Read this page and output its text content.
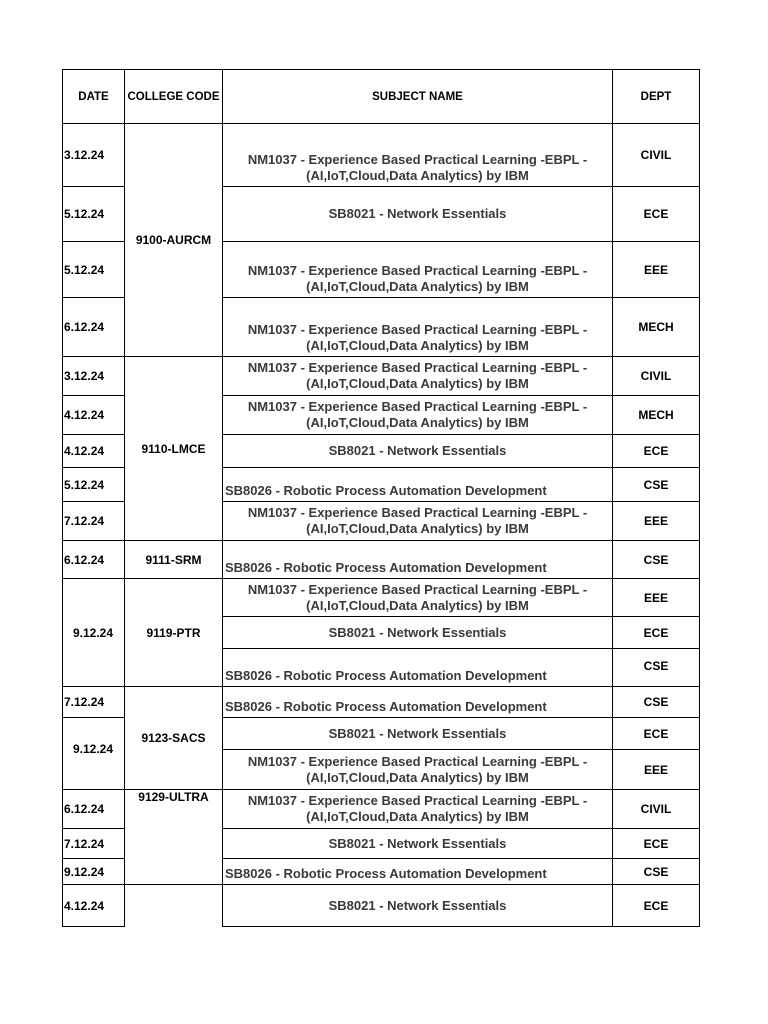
DATE	COLLEGE CODE	SUBJECT NAME	DEPT
3.12.24	9100-AURCM	NM1037 - Experience Based Practical Learning -EBPL -
(AI,IoT,Cloud,Data Analytics) by IBM	CIVIL
5.12.24		SB8021 - Network Essentials	ECE
5.12.24		NM1037 - Experience Based Practical Learning -EBPL -
(AI,IoT,Cloud,Data Analytics) by IBM	EEE
6.12.24		NM1037 - Experience Based Practical Learning -EBPL -
(AI,IoT,Cloud,Data Analytics) by IBM	MECH
3.12.24	9110-LMCE	NM1037 - Experience Based Practical Learning -EBPL -
(AI,IoT,Cloud,Data Analytics) by IBM	CIVIL
4.12.24		NM1037 - Experience Based Practical Learning -EBPL -
(AI,IoT,Cloud,Data Analytics) by IBM	MECH
4.12.24		SB8021 - Network Essentials	ECE
5.12.24		SB8026 - Robotic Process Automation Development	CSE
7.12.24		NM1037 - Experience Based Practical Learning -EBPL -
(AI,IoT,Cloud,Data Analytics) by IBM	EEE
6.12.24	9111-SRM	SB8026 - Robotic Process Automation Development	CSE
9.12.24	9119-PTR	NM1037 - Experience Based Practical Learning -EBPL -
(AI,IoT,Cloud,Data Analytics) by IBM	EEE
		SB8021 - Network Essentials	ECE
		SB8026 - Robotic Process Automation Development	CSE
7.12.24	9123-SACS	SB8026 - Robotic Process Automation Development	CSE
9.12.24		SB8021 - Network Essentials	ECE
		NM1037 - Experience Based Practical Learning -EBPL -
(AI,IoT,Cloud,Data Analytics) by IBM	EEE
6.12.24	9129-ULTRA	NM1037 - Experience Based Practical Learning -EBPL -
(AI,IoT,Cloud,Data Analytics) by IBM	CIVIL
7.12.24		SB8021 - Network Essentials	ECE
9.12.24		SB8026 - Robotic Process Automation Development	CSE
4.12.24		SB8021 - Network Essentials	ECE
